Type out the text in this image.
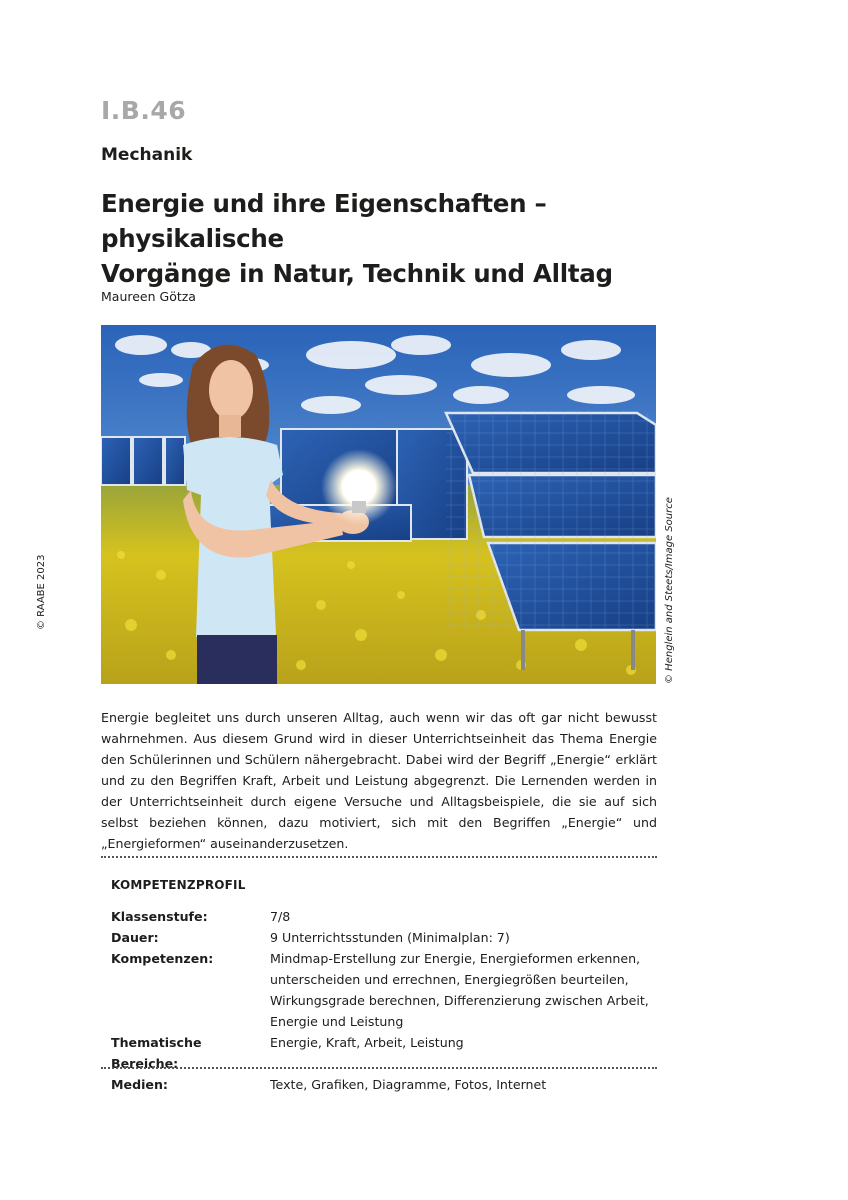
I.B.46
Mechanik
Energie und ihre Eigenschaften – physikalische
Vorgänge in Natur, Technik und Alltag
Maureen Götza
© RAABE 2023	© Henglein and Steets/Image Source
Energie begleitet uns durch unseren Alltag, auch wenn wir das oft gar nicht bewusst wahrnehmen. Aus diesem Grund wird in dieser Unterrichtseinheit das Thema Energie den Schülerinnen und Schülern nähergebracht. Dabei wird der Begriff „Energie“ erklärt und zu den Begriffen Kraft, Arbeit und Leistung abgegrenzt. Die Lernenden werden in der Unterrichtseinheit durch eigene Versuche und Alltagsbeispiele, die sie auf sich selbst beziehen können, dazu motiviert, sich mit den Begriffen „Energie“ und „Energieformen“ auseinanderzusetzen.
KOMPETENZPROFIL
Klassenstufe:	7/8
Dauer:	9 Unterrichtsstunden (Minimalplan: 7)
Kompetenzen:	Mindmap-Erstellung zur Energie, Energieformen erkennen, unterscheiden und errechnen, Energiegrößen beurteilen, Wirkungsgrade berechnen, Differenzierung zwischen Arbeit, Energie und Leistung
Thematische Bereiche:	Energie, Kraft, Arbeit, Leistung
Medien:	Texte, Grafiken, Diagramme, Fotos, Internet
